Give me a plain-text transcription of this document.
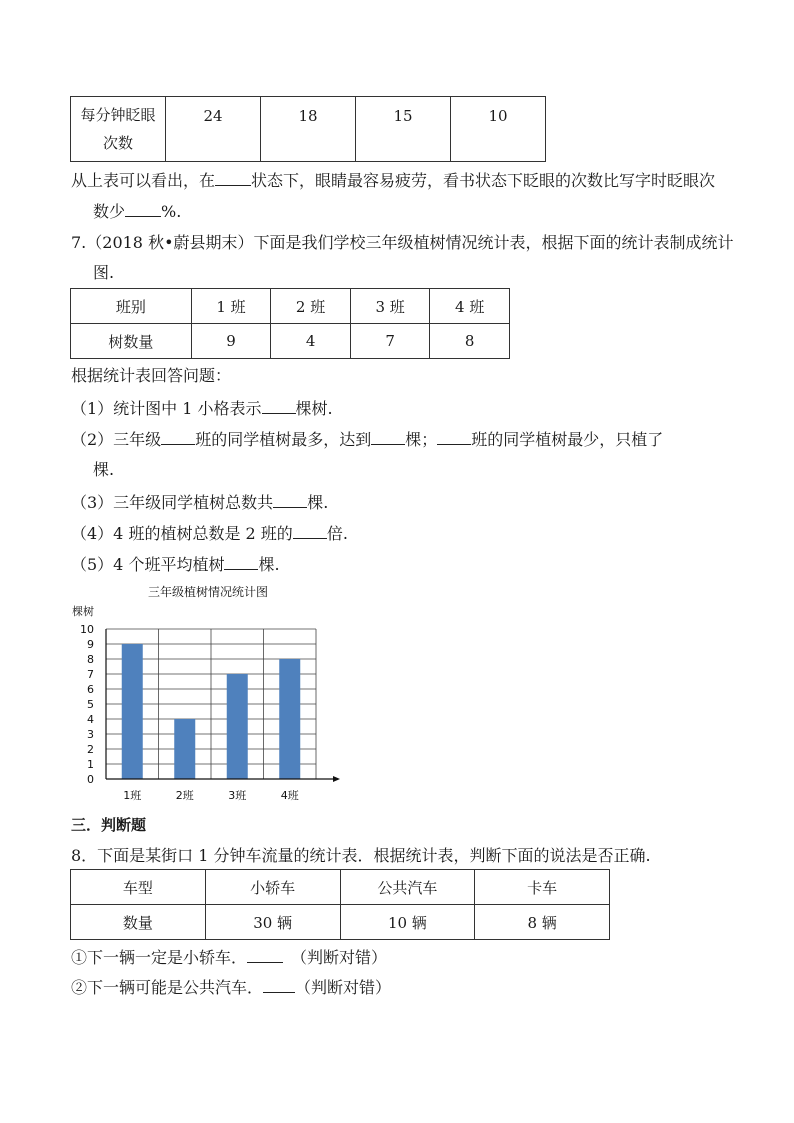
每分钟眨眼
次数	24	18	15	10
从上表可以看出，在 状态下，眼睛最容易疲劳，看书状态下眨眼的次数比写字时眨眼次
数少 %.
7.（2018 秋•蔚县期末）下面是我们学校三年级植树情况统计表，根据下面的统计表制成统计
图.
班别	1 班	2 班	3 班	4 班
树数量	9	4	7	8
根据统计表回答问题：
（1）统计图中 1 小格表示 棵树.
（2）三年级 班的同学植树最多，达到 棵； 班的同学植树最少，只植了
棵.
（3）三年级同学植树总数共 棵.
（4）4 班的植树总数是 2 班的 倍.
（5）4 个班平均植树 棵.
三年级植树情况统计图
棵树
0
1
2
3
4
5
6
7
8
9
10
1班	2班	3班	4班
三．判断题
8．下面是某街口 1 分钟车流量的统计表．根据统计表，判断下面的说法是否正确.
车型	小轿车	公共汽车	卡车
数量	30 辆	10 辆	8 辆
①下一辆一定是小轿车．	（判断对错）
②下一辆可能是公共汽车． （判断对错）
